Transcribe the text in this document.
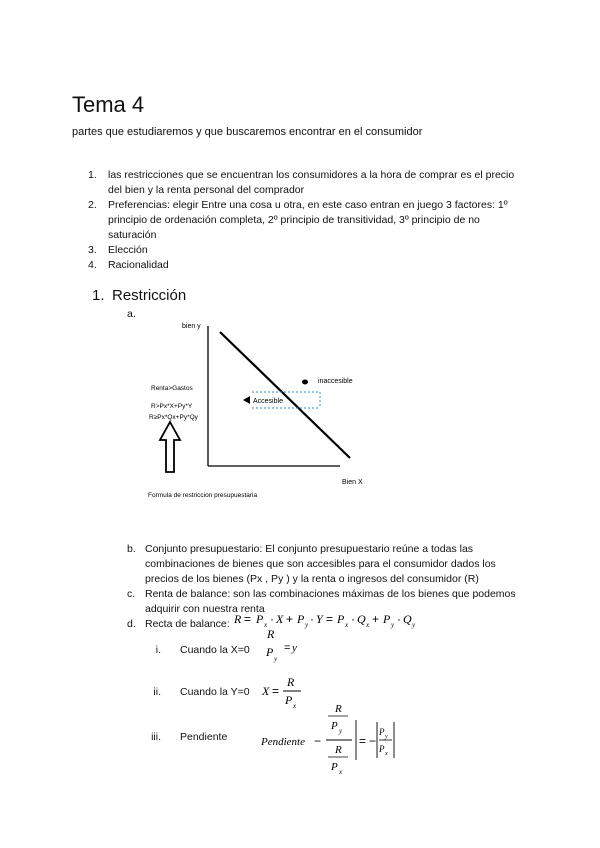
Tema 4
partes que estudiaremos y que buscaremos encontrar en el consumidor
1. las restricciones que se encuentran los consumidores a la hora de comprar es el precio del bien y la renta personal del comprador
2. Preferencias: elegir Entre una cosa u otra, en este caso entran en juego 3 factores: 1º principio de ordenación completa, 2º principio de transitividad, 3º principio de no saturación
3. Elección
4. Racionalidad
1. Restricción
a.
bien y
Bien X
Accesible
inaccesible
Renta>Gastos
R>Px*X+Py*Y
R≥Px*Qx+Py*Qy
Formula de restriccion presupuestaria
b. Conjunto presupuestario: El conjunto presupuestario reúne a todas las combinaciones de bienes que son accesibles para el consumidor dados los precios de los bienes (Px , Py ) y la renta o ingresos del consumidor (R)
c. Renta de balance: son las combinaciones máximas de los bienes que podemos adquirir con nuestra renta
d. Recta de balance: R = P x · X + P y · Y = P x · Q x + P y · Q y
i. Cuando la X=0
R
= y
P y
ii. Cuando la Y=0 X =
R
P x
iii. Pendiente	Pendiente −
R
P y
R
P x
= −
P y
P x
